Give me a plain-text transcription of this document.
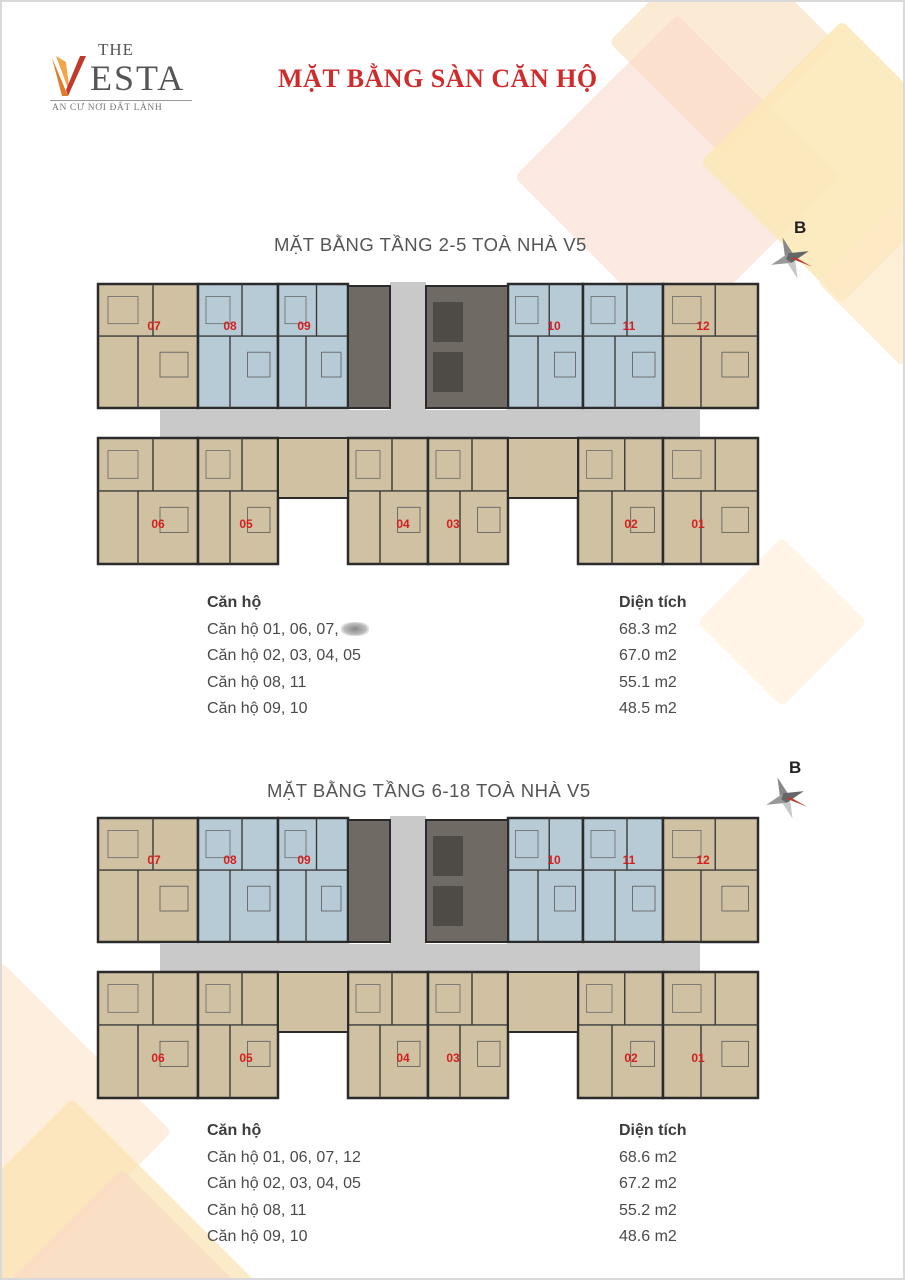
THE
ESTA
AN CƯ NƠI ĐẤT LÀNH
MẶT BẰNG SÀN CĂN HỘ
MẶT BẰNG TẦNG 2-5 TOÀ NHÀ V5
B
07	08	09	10	11	12
06	05	04	03	02	01
Căn hộ	Diện tích
Căn hộ 01, 06, 07,	68.3 m2
Căn hộ 02, 03, 04, 05	67.0 m2
Căn hộ 08, 11	55.1 m2
Căn hộ 09, 10	48.5 m2
MẶT BẰNG TẦNG 6-18 TOÀ NHÀ V5
B
07	08	09	10	11	12
06	05	04	03	02	01
Căn hộ	Diện tích
Căn hộ 01, 06, 07, 12	68.6 m2
Căn hộ 02, 03, 04, 05	67.2 m2
Căn hộ 08, 11	55.2 m2
Căn hộ 09, 10	48.6 m2
